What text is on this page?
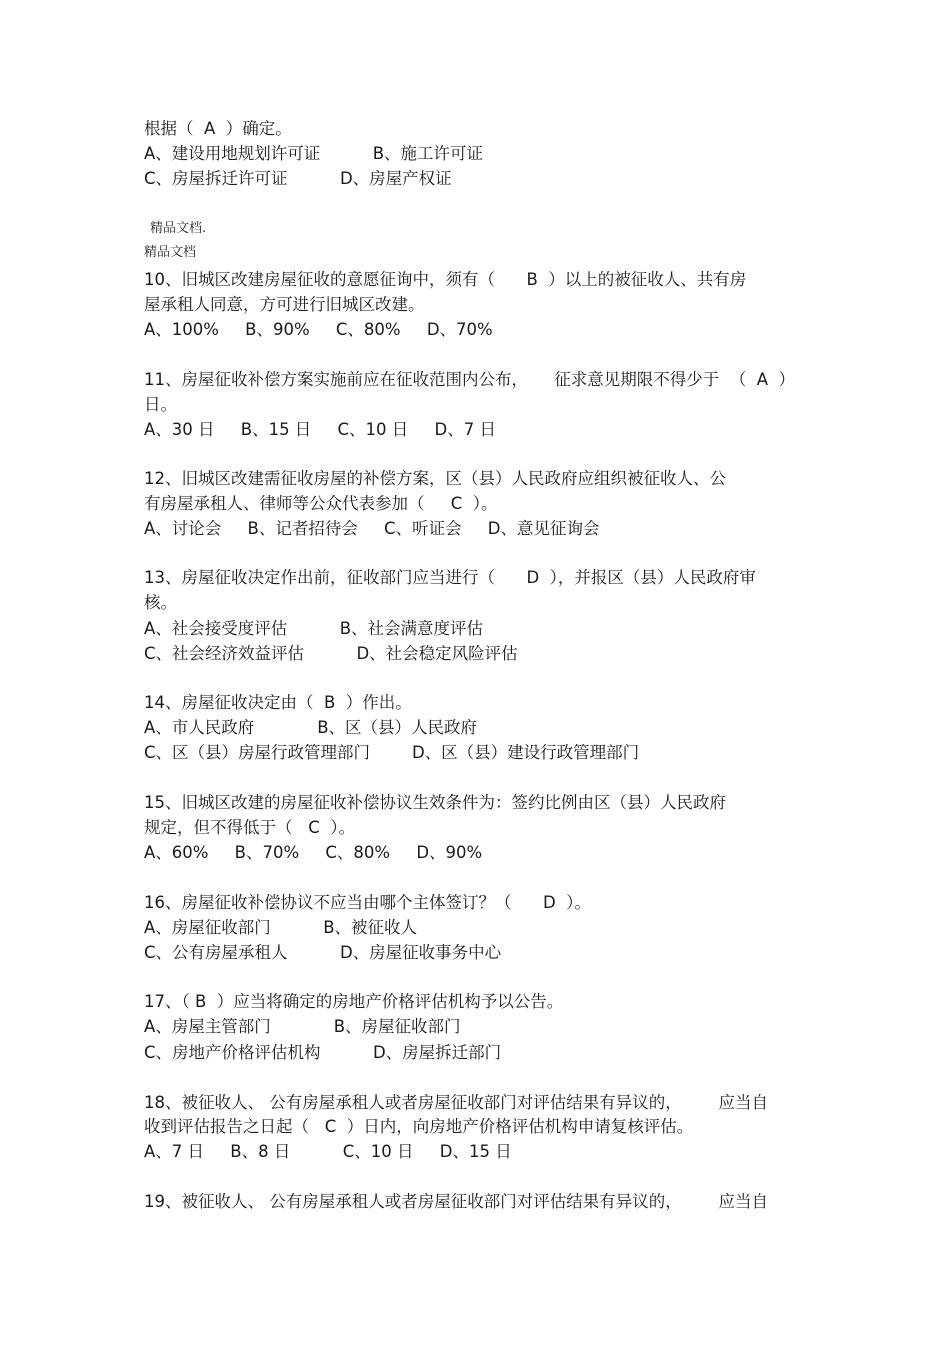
根据（  A  ）确定。
A、建设用地规划许可证          B、施工许可证
C、房屋拆迁许可证          D、房屋产权证
精品文档.
精品文档
10、旧城区改建房屋征收的意愿征询中，须有（      B  ）以上的被征收人、共有房
屋承租人同意，方可进行旧城区改建。
A、100%     B、90%     C、80%     D、70%
11、房屋征收补偿方案实施前应在征收范围内公布，     征求意见期限不得少于  （  A  ）
日。
A、30 日     B、15 日     C、10 日     D、7 日
12、旧城区改建需征收房屋的补偿方案，区（县）人民政府应组织被征收人、公
有房屋承租人、律师等公众代表参加（     C  ）。
A、讨论会     B、记者招待会     C、听证会     D、意见征询会
13、房屋征收决定作出前，征收部门应当进行（      D  ），并报区（县）人民政府审
核。
A、社会接受度评估          B、社会满意度评估
C、社会经济效益评估          D、社会稳定风险评估
14、房屋征收决定由（  B  ）作出。
A、市人民政府            B、区（县）人民政府
C、区（县）房屋行政管理部门        D、区（县）建设行政管理部门
15、旧城区改建的房屋征收补偿协议生效条件为：签约比例由区（县）人民政府
规定，但不得低于（   C  ）。
A、60%     B、70%     C、80%     D、90%
16、房屋征收补偿协议不应当由哪个主体签订？（      D  ）。
A、房屋征收部门          B、被征收人
C、公有房屋承租人          D、房屋征收事务中心
17、（ B  ）应当将确定的房地产价格评估机构予以公告。
A、房屋主管部门            B、房屋征收部门
C、房地产价格评估机构          D、房屋拆迁部门
18、被征收人、 公有房屋承租人或者房屋征收部门对评估结果有异议的，       应当自
收到评估报告之日起（   C  ）日内，向房地产价格评估机构申请复核评估。
A、7 日     B、8 日          C、10 日     D、15 日
19、被征收人、 公有房屋承租人或者房屋征收部门对评估结果有异议的，       应当自
